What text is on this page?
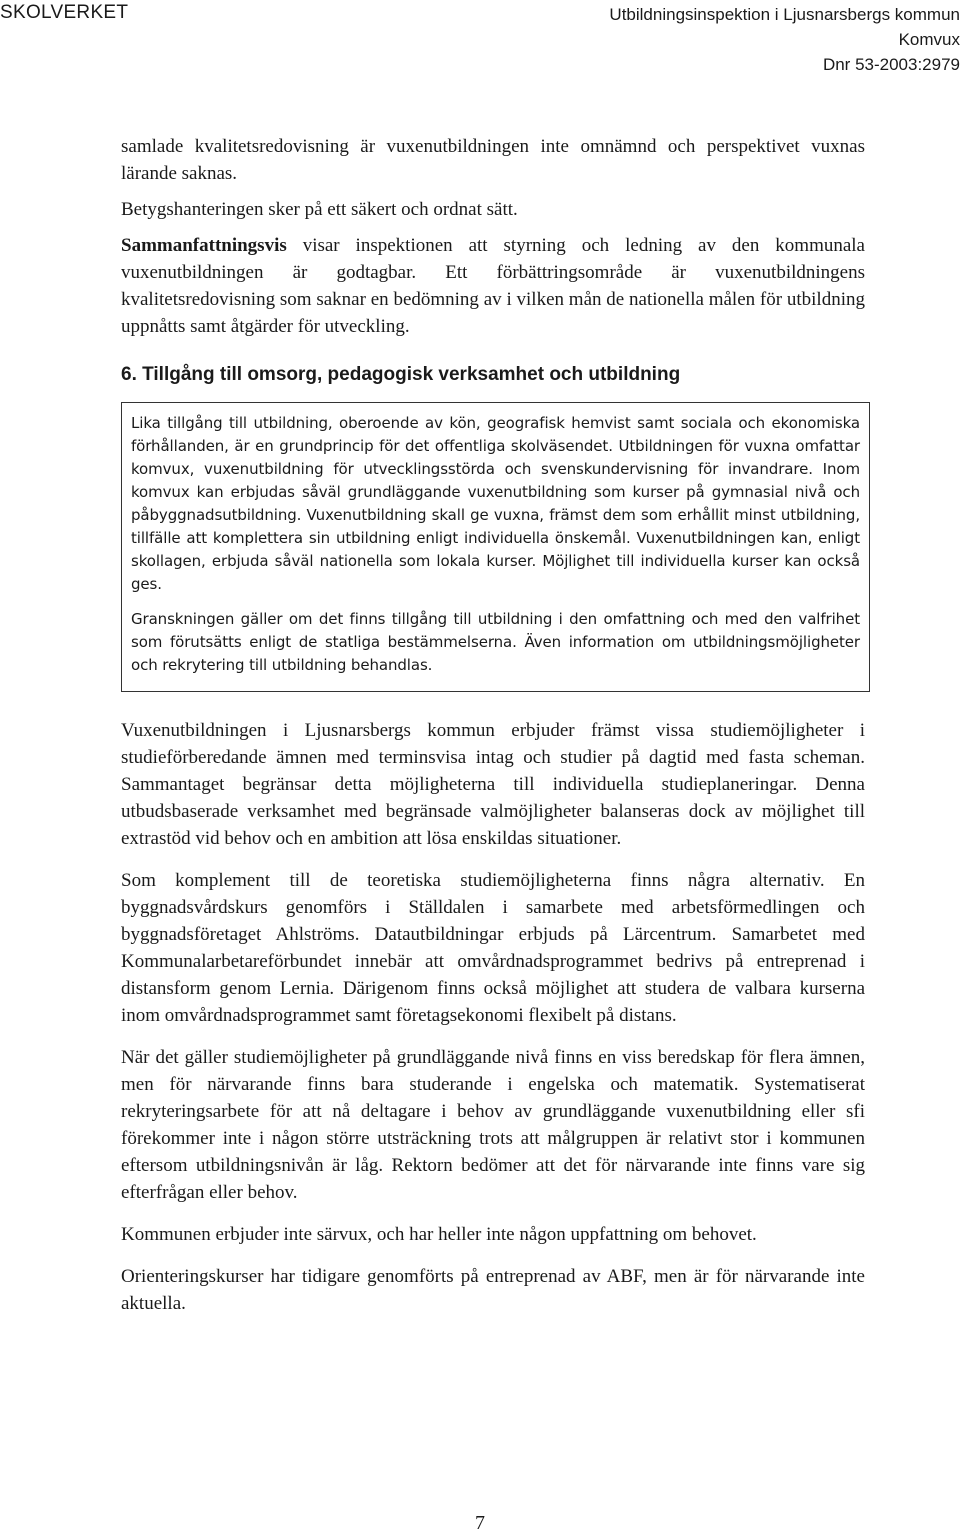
SKOLVERKET	Utbildningsinspektion i Ljusnarsbergs kommun
Komvux
Dnr 53-2003:2979

samlade kvalitetsredovisning är vuxenutbildningen inte omnämnd och perspektivet vuxnas lärande saknas.

Betygshanteringen sker på ett säkert och ordnat sätt.

Sammanfattningsvis visar inspektionen att styrning och ledning av den kommunala vuxenutbildningen är godtagbar. Ett förbättringsområde är vuxenutbildningens kvalitetsredovisning som saknar en bedömning av i vilken mån de nationella målen för utbildning uppnåtts samt åtgärder för utveckling.

6. Tillgång till omsorg, pedagogisk verksamhet och utbildning

Lika tillgång till utbildning, oberoende av kön, geografisk hemvist samt sociala och ekonomiska förhållanden, är en grundprincip för det offentliga skolväsendet. Utbildningen för vuxna omfattar komvux, vuxenutbildning för utvecklingsstörda och svenskundervisning för invandrare. Inom komvux kan erbjudas såväl grundläggande vuxenutbildning som kurser på gymnasial nivå och påbyggnadsutbildning. Vuxenutbildning skall ge vuxna, främst dem som erhållit minst utbildning, tillfälle att komplettera sin utbildning enligt individuella önskemål. Vuxenutbildningen kan, enligt skollagen, erbjuda såväl nationella som lokala kurser. Möjlighet till individuella kurser kan också ges.

Granskningen gäller om det finns tillgång till utbildning i den omfattning och med den valfrihet som förutsätts enligt de statliga bestämmelserna. Även information om utbildningsmöjligheter och rekrytering till utbildning behandlas.

Vuxenutbildningen i Ljusnarsbergs kommun erbjuder främst vissa studiemöjligheter i studieförberedande ämnen med terminsvisa intag och studier på dagtid med fasta scheman. Sammantaget begränsar detta möjligheterna till individuella studieplaneringar. Denna utbudsbaserade verksamhet med begränsade valmöjligheter balanseras dock av möjlighet till extrastöd vid behov och en ambition att lösa enskildas situationer.

Som komplement till de teoretiska studiemöjligheterna finns några alternativ. En byggnadsvårdskurs genomförs i Ställdalen i samarbete med arbetsförmedlingen och byggnadsföretaget Ahlströms. Datautbildningar erbjuds på Lärcentrum. Samarbetet med Kommunalarbetareförbundet innebär att omvårdnadsprogrammet bedrivs på entreprenad i distansform genom Lernia. Därigenom finns också möjlighet att studera de valbara kurserna inom omvårdnadsprogrammet samt företagsekonomi flexibelt på distans.

När det gäller studiemöjligheter på grundläggande nivå finns en viss beredskap för flera ämnen, men för närvarande finns bara studerande i engelska och matematik. Systematiserat rekryteringsarbete för att nå deltagare i behov av grundläggande vuxenutbildning eller sfi förekommer inte i någon större utsträckning trots att målgruppen är relativt stor i kommunen eftersom utbildningsnivån är låg. Rektorn bedömer att det för närvarande inte finns vare sig efterfrågan eller behov.

Kommunen erbjuder inte särvux, och har heller inte någon uppfattning om behovet.

Orienteringskurser har tidigare genomförts på entreprenad av ABF, men är för närvarande inte aktuella.

7
